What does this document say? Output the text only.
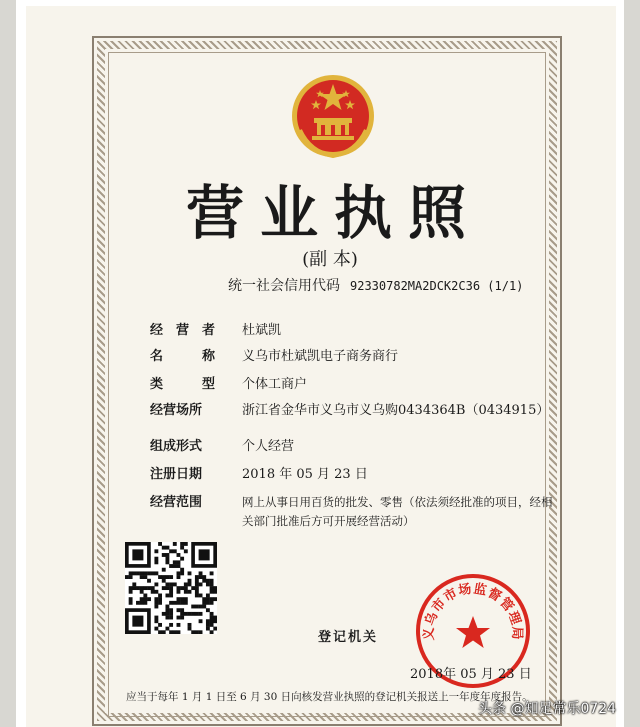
营业执照
(副 本)
统一社会信用代码 92330782MA2DCK2C36 (1/1)
经　营　者 杜斌凯
名　　　称 义乌市杜斌凯电子商务商行
类　　　型 个体工商户
经营场所	浙江省金华市义乌市义乌购0434364B（0434915）
组成形式	个人经营
注册日期	2018 年 05 月 23 日
经营范围	网上从事日用百货的批发、零售（依法须经批准的项目，经相关部门批准后方可开展经营活动）
登记机关	义乌市市场监督管理局
2018年 05 月 23 日
应当于每年 1 月 1 日至 6 月 30 日向核发营业执照的登记机关报送上一年度年度报告。
头条 @知足常乐0724
